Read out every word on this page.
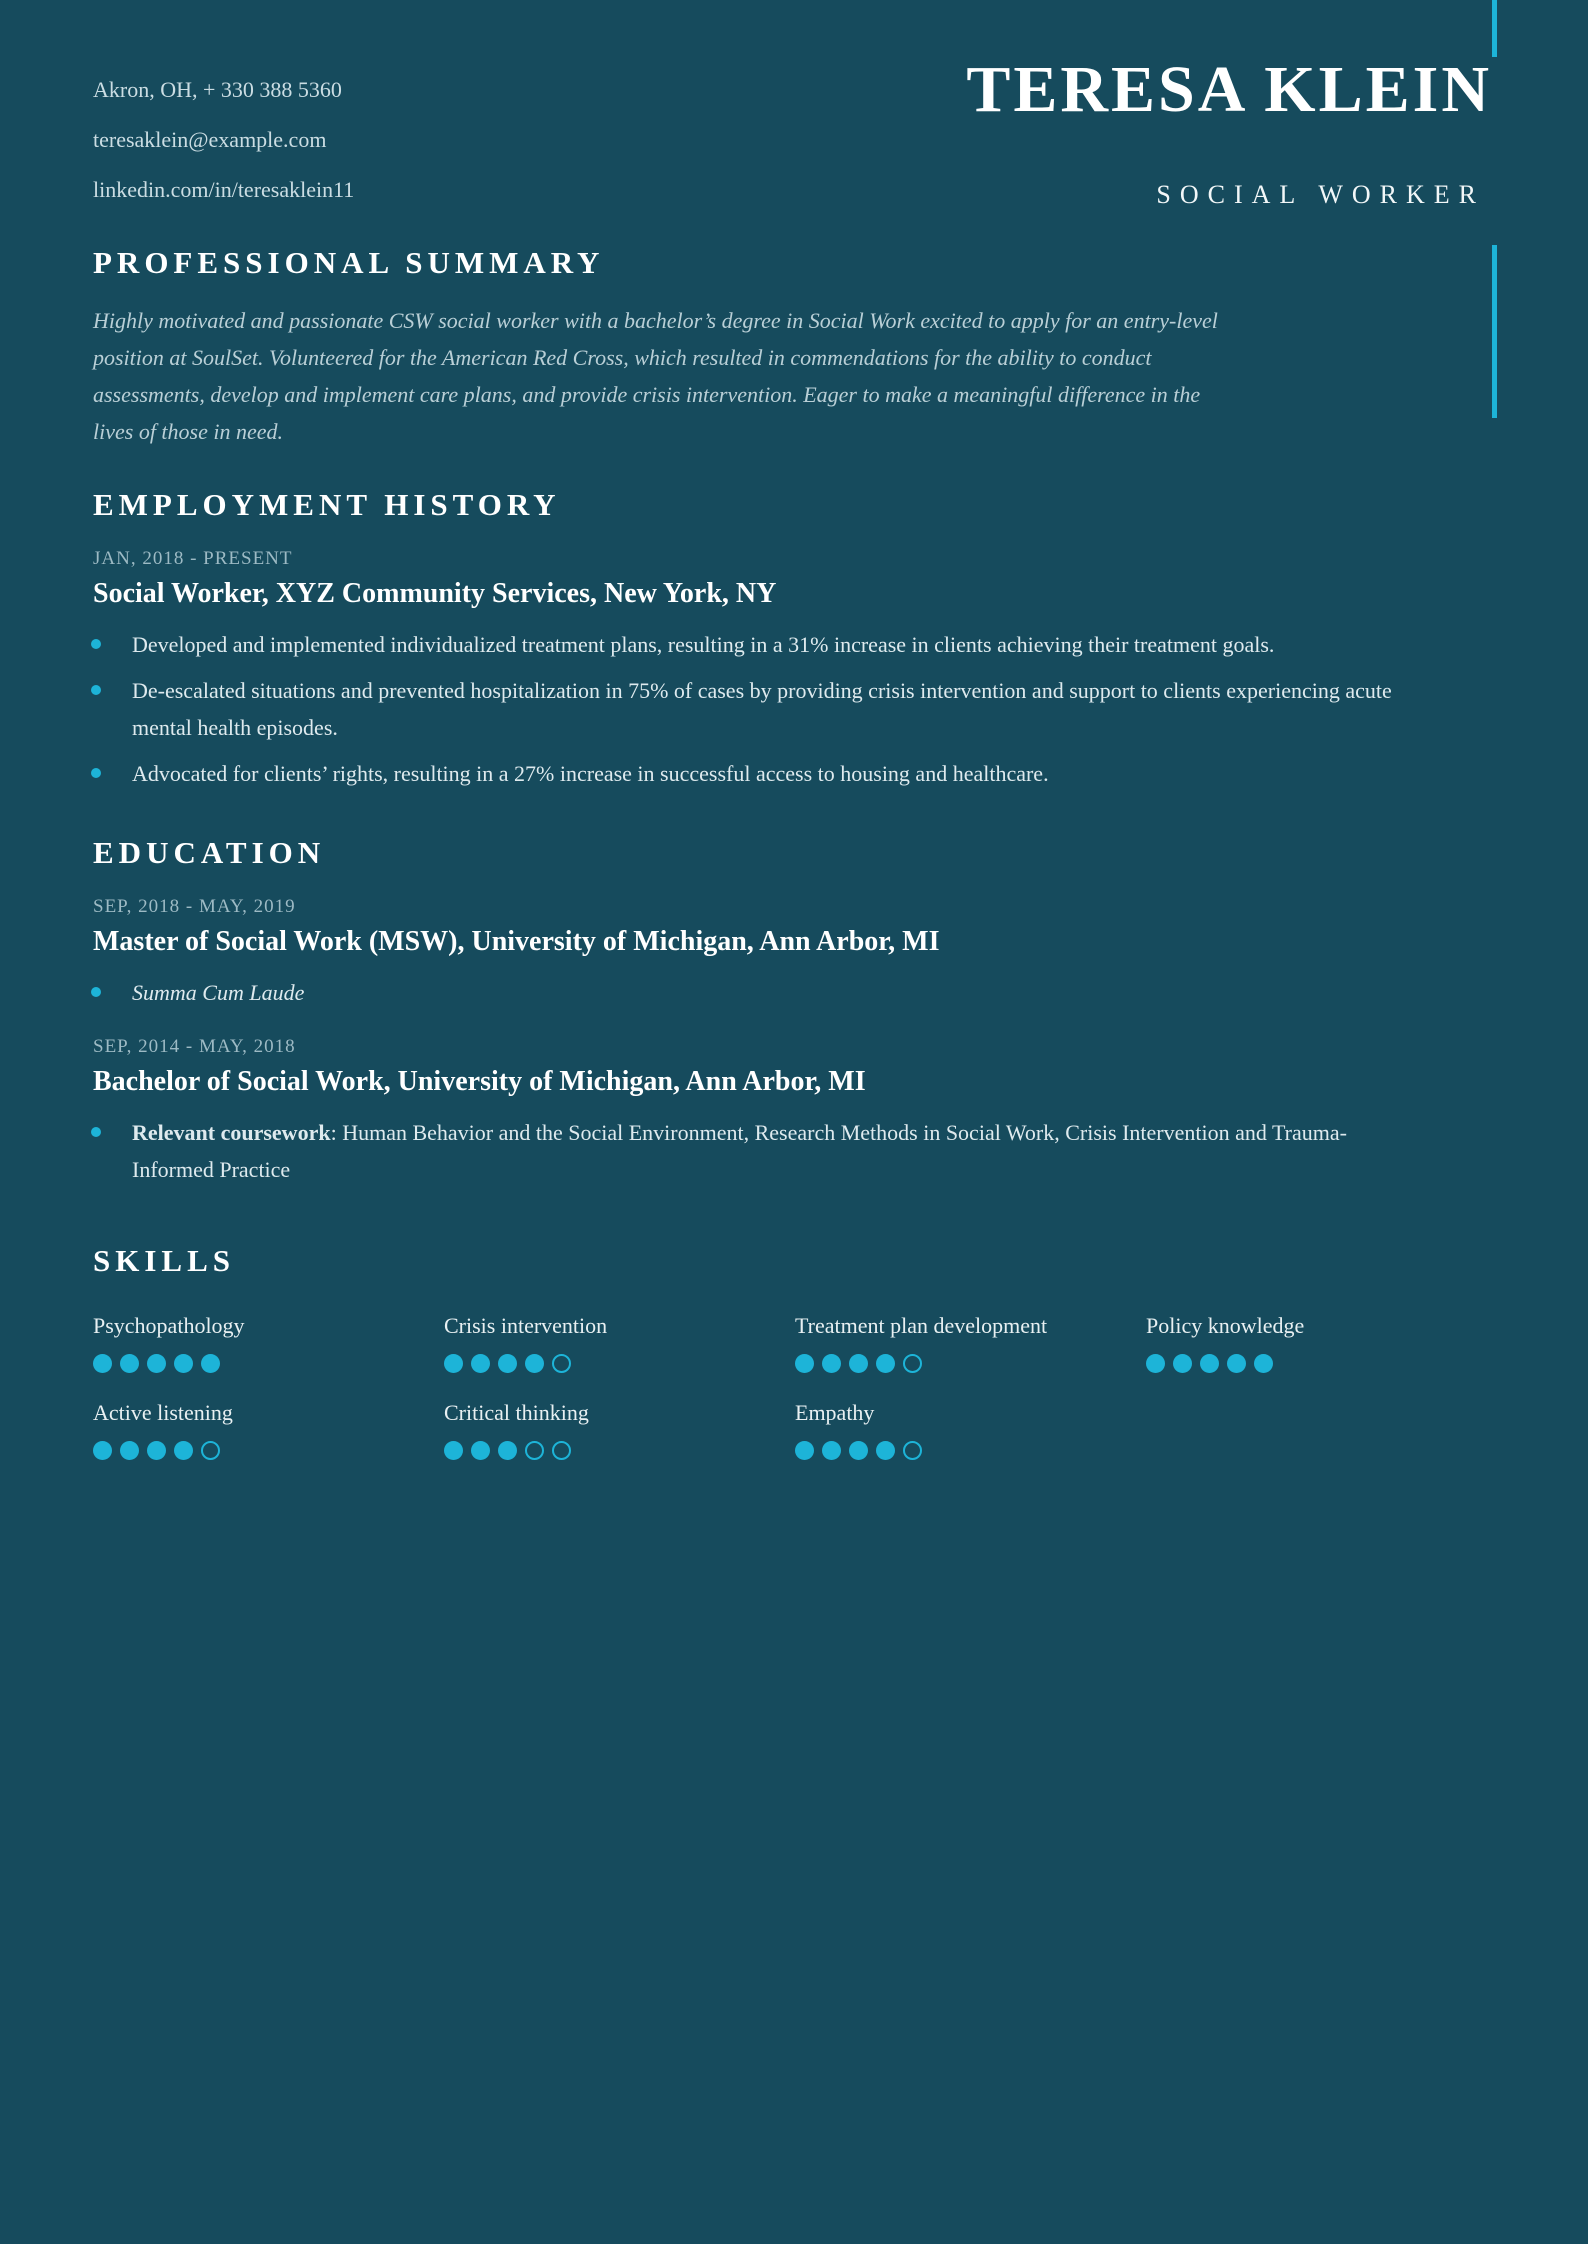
Akron, OH, + 330 388 5360
teresaklein@example.com
linkedin.com/in/teresaklein11
TERESA KLEIN
SOCIAL WORKER
PROFESSIONAL SUMMARY
Highly motivated and passionate CSW social worker with a bachelor’s degree in Social Work excited to apply for an entry-level position at SoulSet. Volunteered for the American Red Cross, which resulted in commendations for the ability to conduct assessments, develop and implement care plans, and provide crisis intervention. Eager to make a meaningful difference in the lives of those in need.
EMPLOYMENT HISTORY
JAN, 2018 - PRESENT
Social Worker, XYZ Community Services, New York, NY
Developed and implemented individualized treatment plans, resulting in a 31% increase in clients achieving their treatment goals.
De-escalated situations and prevented hospitalization in 75% of cases by providing crisis intervention and support to clients experiencing acute mental health episodes.
Advocated for clients’ rights, resulting in a 27% increase in successful access to housing and healthcare.
EDUCATION
SEP, 2018 - MAY, 2019
Master of Social Work (MSW), University of Michigan, Ann Arbor, MI
Summa Cum Laude
SEP, 2014 - MAY, 2018
Bachelor of Social Work, University of Michigan, Ann Arbor, MI
Relevant coursework: Human Behavior and the Social Environment, Research Methods in Social Work, Crisis Intervention and Trauma-Informed Practice
SKILLS
Psychopathology	Crisis intervention	Treatment plan development	Policy knowledge
Active listening	Critical thinking	Empathy
